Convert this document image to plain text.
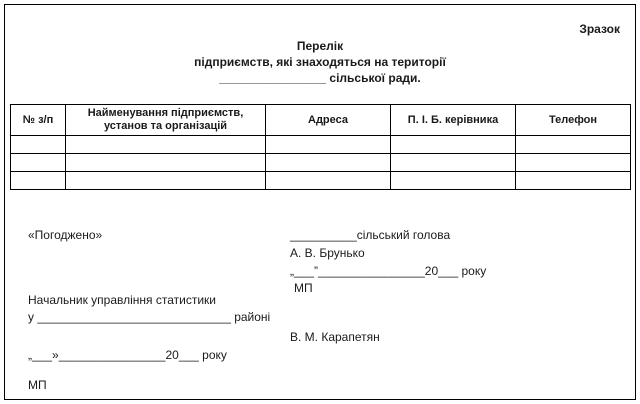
Зразок
Перелік
підприємств, які знаходяться на території
________________ сільської ради.
№ з/п	Найменування підприємств, установ та організацій	Адреса	П. І. Б. керівника	Телефон

«Погоджено»	__________сільський голова
А. В. Брунько
„___”________________20___ року
МП
Начальник управління статистики
у _____________________________ районі
В. М. Карапетян
„___»________________20___ року
МП
